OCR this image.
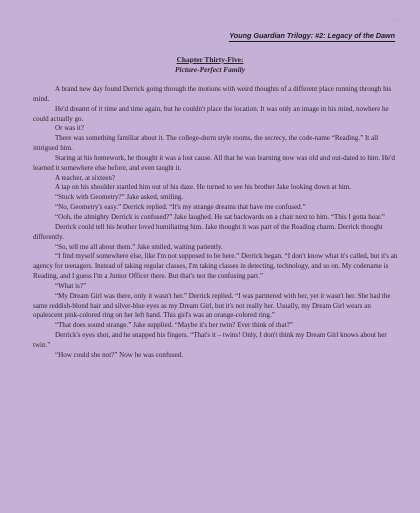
295
Young Guardian Trilogy: #2: Legacy of the Dawn
Chapter Thirty-Five:
Picture-Perfect Family

A brand new day found Derrick going through the motions with weird thoughts of a different place running through his mind.

He'd dreamt of it time and time again, but he couldn't place the location. It was only an image in his mind, nowhere he could actually go.

Or was it?

There was something familiar about it. The college-dorm style rooms, the secrecy, the code-name “Reading.” It all intrigued him.

Staring at his homework, he thought it was a lost cause. All that he was learning now was old and out-dated to him. He'd learned it somewhere else before, and even taught it.

A teacher, at sixteen?

A tap on his shoulder startled him out of his daze. He turned to see his brother Jake looking down at him.

“Stuck with Geometry?” Jake asked, smiling.

“No, Geometry's easy.” Derrick replied. “It's my strange dreams that have me confused.”

“Ooh, the almighty Derrick is confused?” Jake laughed. He sat backwards on a chair next to him. “This I gotta hear.”

Derrick could tell his brother loved humiliating him. Jake thought it was part of the Reading charm. Derrick thought differently.

“So, tell me all about them.” Jake smiled, waiting patiently.

“I find myself somewhere else, like I'm not supposed to be here.” Derrick began. “I don't know what it's called, but it's an agency for teenagers. Instead of taking regular classes, I'm taking classes in detecting, technology, and so on. My codename is Reading, and I guess I'm a Junior Officer there. But that's not the confusing part.”

“What is?”

“My Dream Girl was there, only it wasn't her.” Derrick replied. “I was partnered with her, yet it wasn't her. She had the same reddish-blond hair and silver-blue eyes as my Dream Girl, but it's not really her. Usually, my Dream Girl wears an opalescent pink-colored ring on her left hand. This girl's was an orange-colored ring.”

“That does sound strange.” Jake supplied. “Maybe it's her twin? Ever think of that?”

Derrick's eyes shot, and he snapped his fingers. “That's it – twins! Only, I don't think my Dream Girl knows about her twin.”

“How could she not?” Now he was confused.
